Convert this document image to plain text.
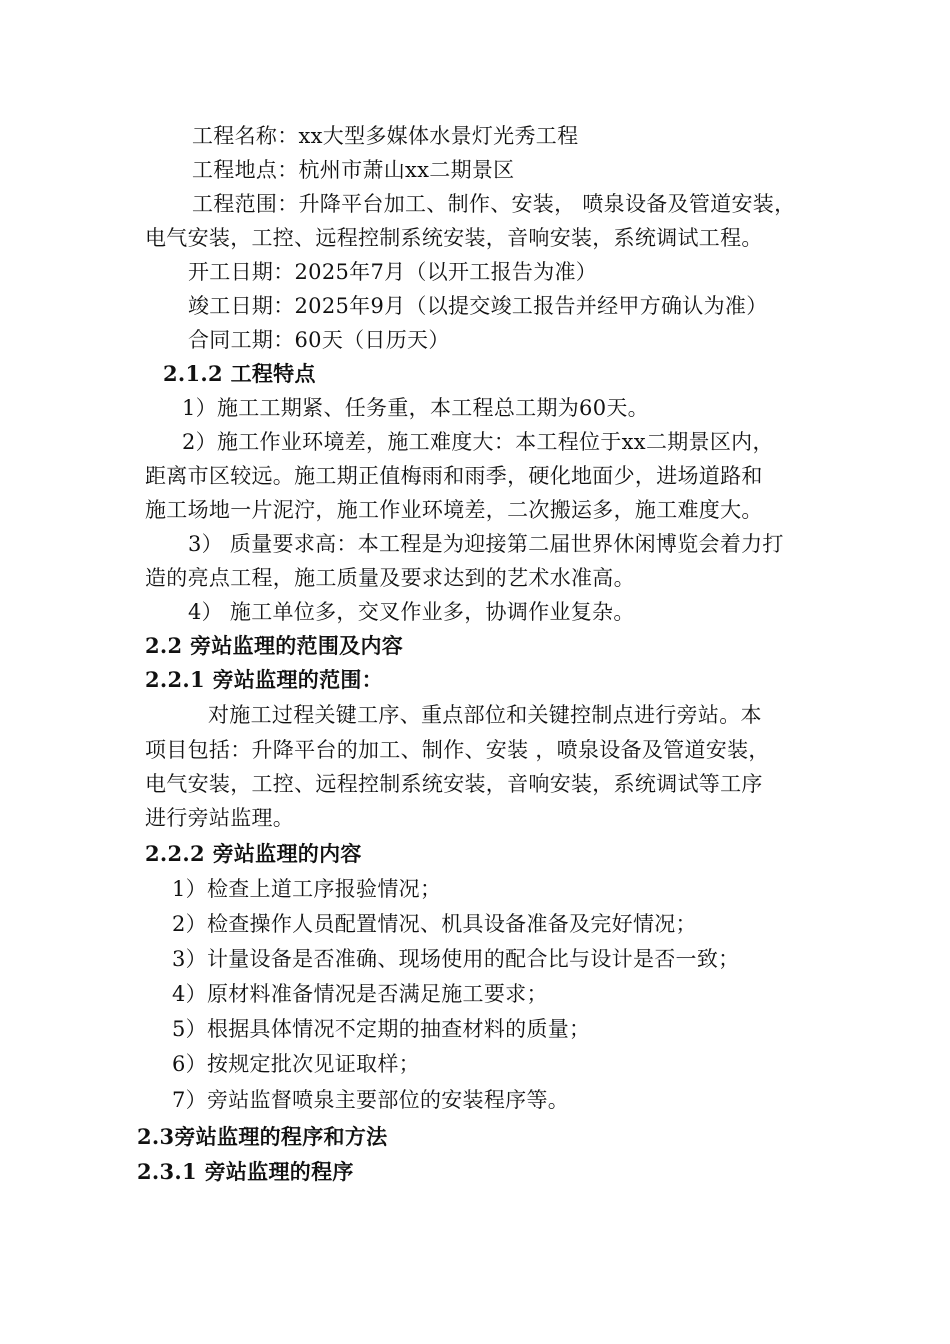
工程名称：xx大型多媒体水景灯光秀工程
工程地点：杭州市萧山xx二期景区
工程范围：升降平台加工、制作、安装， 喷泉设备及管道安装，
电气安装，工控、远程控制系统安装，音响安装，系统调试工程。
开工日期：2025年7月（以开工报告为准）
竣工日期：2025年9月（以提交竣工报告并经甲方确认为准）
合同工期：60天（日历天）
2.1.2 工程特点
1）施工工期紧、任务重，本工程总工期为60天。
2）施工作业环境差，施工难度大：本工程位于xx二期景区内，
距离市区较远。施工期正值梅雨和雨季，硬化地面少，进场道路和
施工场地一片泥泞，施工作业环境差，二次搬运多，施工难度大。
3） 质量要求高：本工程是为迎接第二届世界休闲博览会着力打
造的亮点工程，施工质量及要求达到的艺术水准高。
4） 施工单位多，交叉作业多，协调作业复杂。
2.2 旁站监理的范围及内容
2.2.1 旁站监理的范围：
对施工过程关键工序、重点部位和关键控制点进行旁站。本
项目包括：升降平台的加工、制作、安装 ，喷泉设备及管道安装，
电气安装，工控、远程控制系统安装，音响安装，系统调试等工序
进行旁站监理。
2.2.2 旁站监理的内容
1）检查上道工序报验情况；
2）检查操作人员配置情况、机具设备准备及完好情况；
3）计量设备是否准确、现场使用的配合比与设计是否一致；
4）原材料准备情况是否满足施工要求；
5）根据具体情况不定期的抽查材料的质量；
6）按规定批次见证取样；
7）旁站监督喷泉主要部位的安装程序等。
2.3旁站监理的程序和方法
2.3.1 旁站监理的程序
